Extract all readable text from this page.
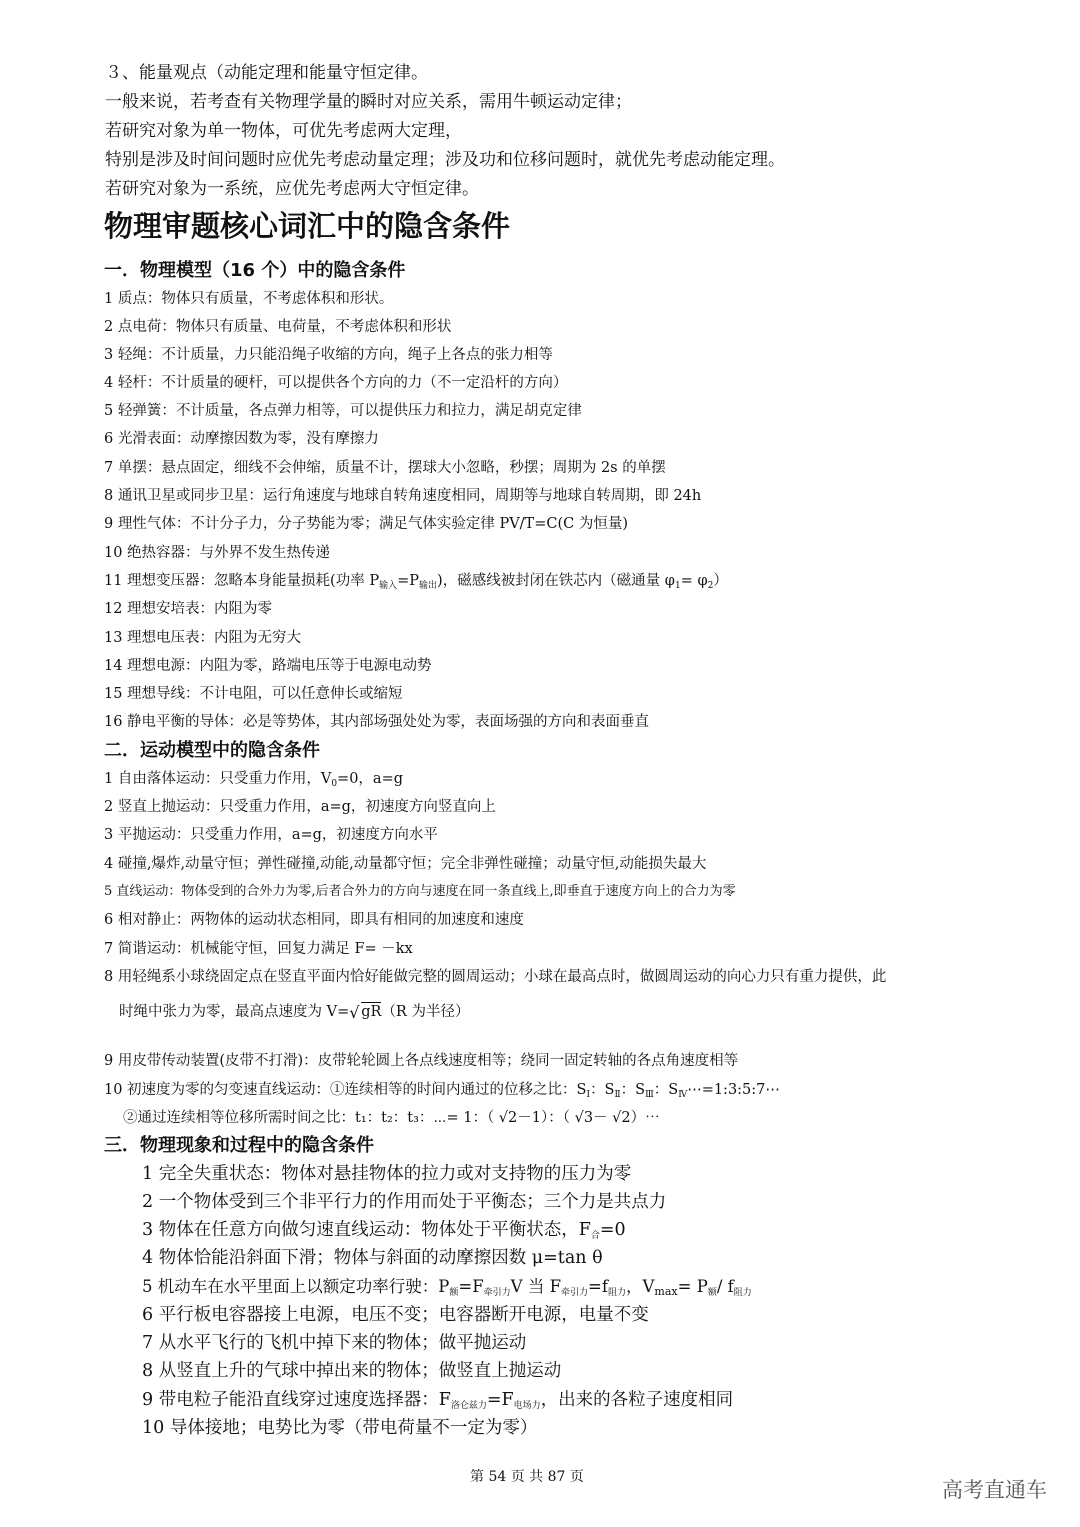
３、能量观点（动能定理和能量守恒定律。
一般来说，若考查有关物理学量的瞬时对应关系，需用牛顿运动定律；
若研究对象为单一物体，可优先考虑两大定理，
特别是涉及时间问题时应优先考虑动量定理；涉及功和位移问题时，就优先考虑动能定理。
若研究对象为一系统，应优先考虑两大守恒定律。
物理审题核心词汇中的隐含条件
一．物理模型（16 个）中的隐含条件
1 质点：物体只有质量，不考虑体积和形状。
2 点电荷：物体只有质量、电荷量，不考虑体积和形状
3 轻绳：不计质量，力只能沿绳子收缩的方向，绳子上各点的张力相等
4 轻杆：不计质量的硬杆，可以提供各个方向的力（不一定沿杆的方向）
5 轻弹簧：不计质量，各点弹力相等，可以提供压力和拉力，满足胡克定律
6 光滑表面：动摩擦因数为零，没有摩擦力
7 单摆：悬点固定，细线不会伸缩，质量不计，摆球大小忽略，秒摆；周期为 2s 的单摆
8 通讯卫星或同步卫星：运行角速度与地球自转角速度相同，周期等与地球自转周期，即 24h
9 理性气体：不计分子力，分子势能为零；满足气体实验定律 PV/T=C(C 为恒量)
10 绝热容器：与外界不发生热传递
11 理想变压器：忽略本身能量损耗(功率 $P_{输入}=P_{输出}$)，磁感线被封闭在铁芯内（磁通量 $\varphi_1= \varphi_2$）
12 理想安培表：内阻为零
13 理想电压表：内阻为无穷大
14 理想电源：内阻为零，路端电压等于电源电动势
15 理想导线：不计电阻，可以任意伸长或缩短
16 静电平衡的导体：必是等势体，其内部场强处处为零，表面场强的方向和表面垂直
二．运动模型中的隐含条件
1 自由落体运动：只受重力作用，$V_0=0$，a=g
2 竖直上抛运动：只受重力作用，a=g，初速度方向竖直向上
3 平抛运动：只受重力作用，a=g，初速度方向水平
4 碰撞,爆炸,动量守恒；弹性碰撞,动能,动量都守恒；完全非弹性碰撞；动量守恒,动能损失最大
5 直线运动：物体受到的合外力为零,后者合外力的方向与速度在同一条直线上,即垂直于速度方向上的合力为零
6 相对静止：两物体的运动状态相同，即具有相同的加速度和速度
7 简谐运动：机械能守恒，回复力满足 F= －kx
8 用轻绳系小球绕固定点在竖直平面内恰好能做完整的圆周运动；小球在最高点时，做圆周运动的向心力只有重力提供，此
时绳中张力为零，最高点速度为 V= √ gR（R 为半径）
9 用皮带传动装置(皮带不打滑)：皮带轮轮圆上各点线速度相等；绕同一固定转轴的各点角速度相等
10 初速度为零的匀变速直线运动：①连续相等的时间内通过的位移之比：$S_Ⅰ$：$S_Ⅱ$：$S_Ⅲ$：$S_Ⅳ\cdots=1:3:5:7\cdots$
②通过连续相等位移所需时间之比：t₁：t₂：t₃：⋯= 1：（ √2－1）：（ √3－ √2）⋯
三．物理现象和过程中的隐含条件
1 完全失重状态：物体对悬挂物体的拉力或对支持物的压力为零
2 一个物体受到三个非平行力的作用而处于平衡态；三个力是共点力
3 物体在任意方向做匀速直线运动：物体处于平衡状态，$F_合=0$
4 物体恰能沿斜面下滑；物体与斜面的动摩擦因数 μ=tan θ
5 机动车在水平里面上以额定功率行驶：$P_额=F_{牵引力}V$ 当 $F_{牵引力}=f_{阻力}$，$V_{max}= P_额/$ $f_{阻力}$
6 平行板电容器接上电源，电压不变；电容器断开电源，电量不变
7 从水平飞行的飞机中掉下来的物体；做平抛运动
8 从竖直上升的气球中掉出来的物体；做竖直上抛运动
9 带电粒子能沿直线穿过速度选择器：$F_{洛仑兹力}=F_{电场力}$，出来的各粒子速度相同
10 导体接地；电势比为零（带电荷量不一定为零）
第 54 页 共 87 页
高考直通车
